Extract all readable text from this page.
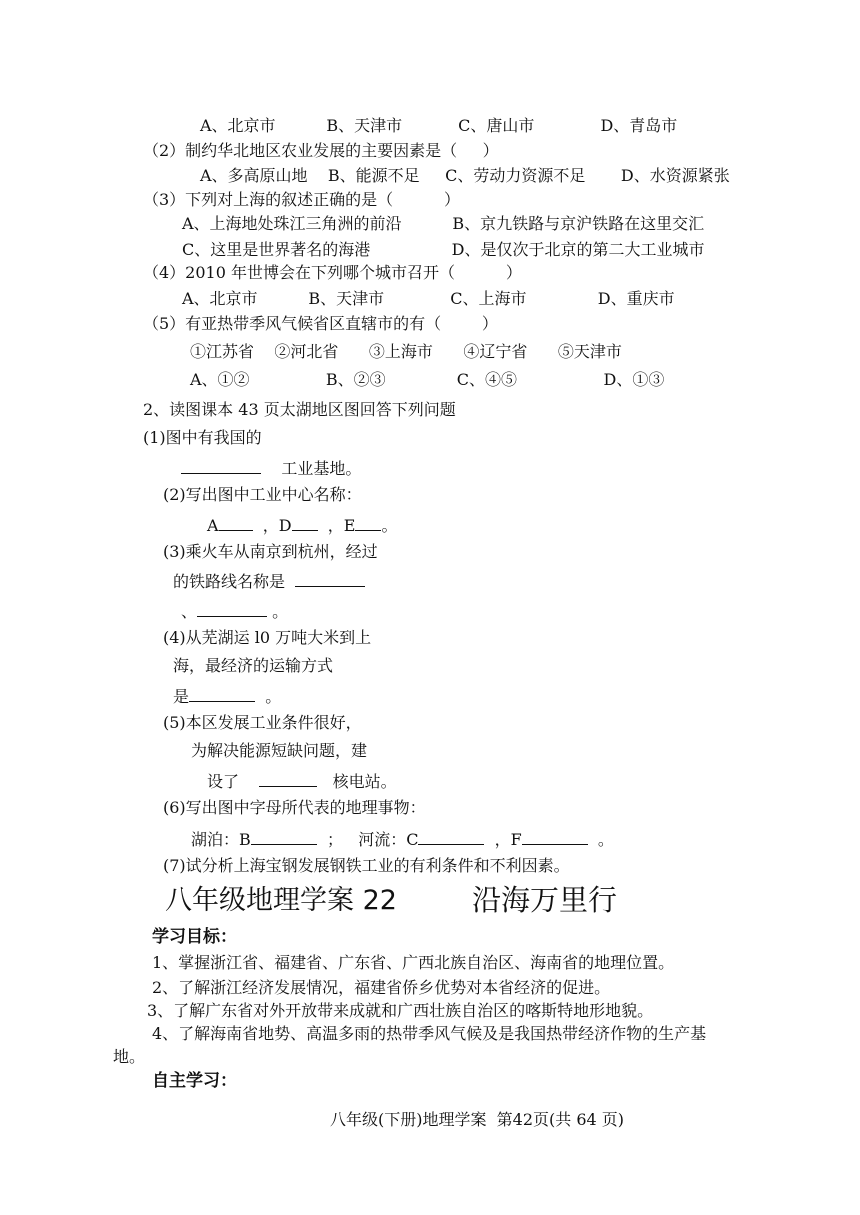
A、北京市          B、天津市           C、唐山市             D、青岛市
（2）制约华北地区农业发展的主要因素是（     ）
A、多高原山地    B、能源不足     C、劳动力资源不足       D、水资源紧张
（3）下列对上海的叙述正确的是（          ）
A、上海地处珠江三角洲的前沿          B、京九铁路与京沪铁路在这里交汇
C、这里是世界著名的海港                D、是仅次于北京的第二大工业城市
（4）2010 年世博会在下列哪个城市召开（          ）
A、北京市          B、天津市             C、上海市              D、重庆市
（5）有亚热带季风气候省区直辖市的有（        ）
①江苏省    ②河北省      ③上海市      ④辽宁省      ⑤天津市
A、①②               B、②③              C、④⑤                 D、①③
2、读图课本 43 页太湖地区图回答下列问题
(1)图中有我国的
工业基地。
(2)写出图中工业中心名称：
A	，D ，E 。
(3)乘火车从南京到杭州，经过
的铁路线名称是
、	。
(4)从芜湖运 l0 万吨大米到上
海，最经济的运输方式
是	。
(5)本区发展工业条件很好，
为解决能源短缺问题，建
设了	核电站。
(6)写出图中字母所代表的地理事物：
湖泊：B	；   河流：C	，F	。
(7)试分析上海宝钢发展钢铁工业的有利条件和不利因素。
八年级地理学案 22	沿海万里行
学习目标：
1、掌握浙江省、福建省、广东省、广西北族自治区、海南省的地理位置。
2、了解浙江经济发展情况，福建省侨乡优势对本省经济的促进。
3、了解广东省对外开放带来成就和广西壮族自治区的喀斯特地形地貌。
4、了解海南省地势、高温多雨的热带季风气候及是我国热带经济作物的生产基
地。
自主学习：
八年级(下册)地理学案  第42页(共 64 页)
